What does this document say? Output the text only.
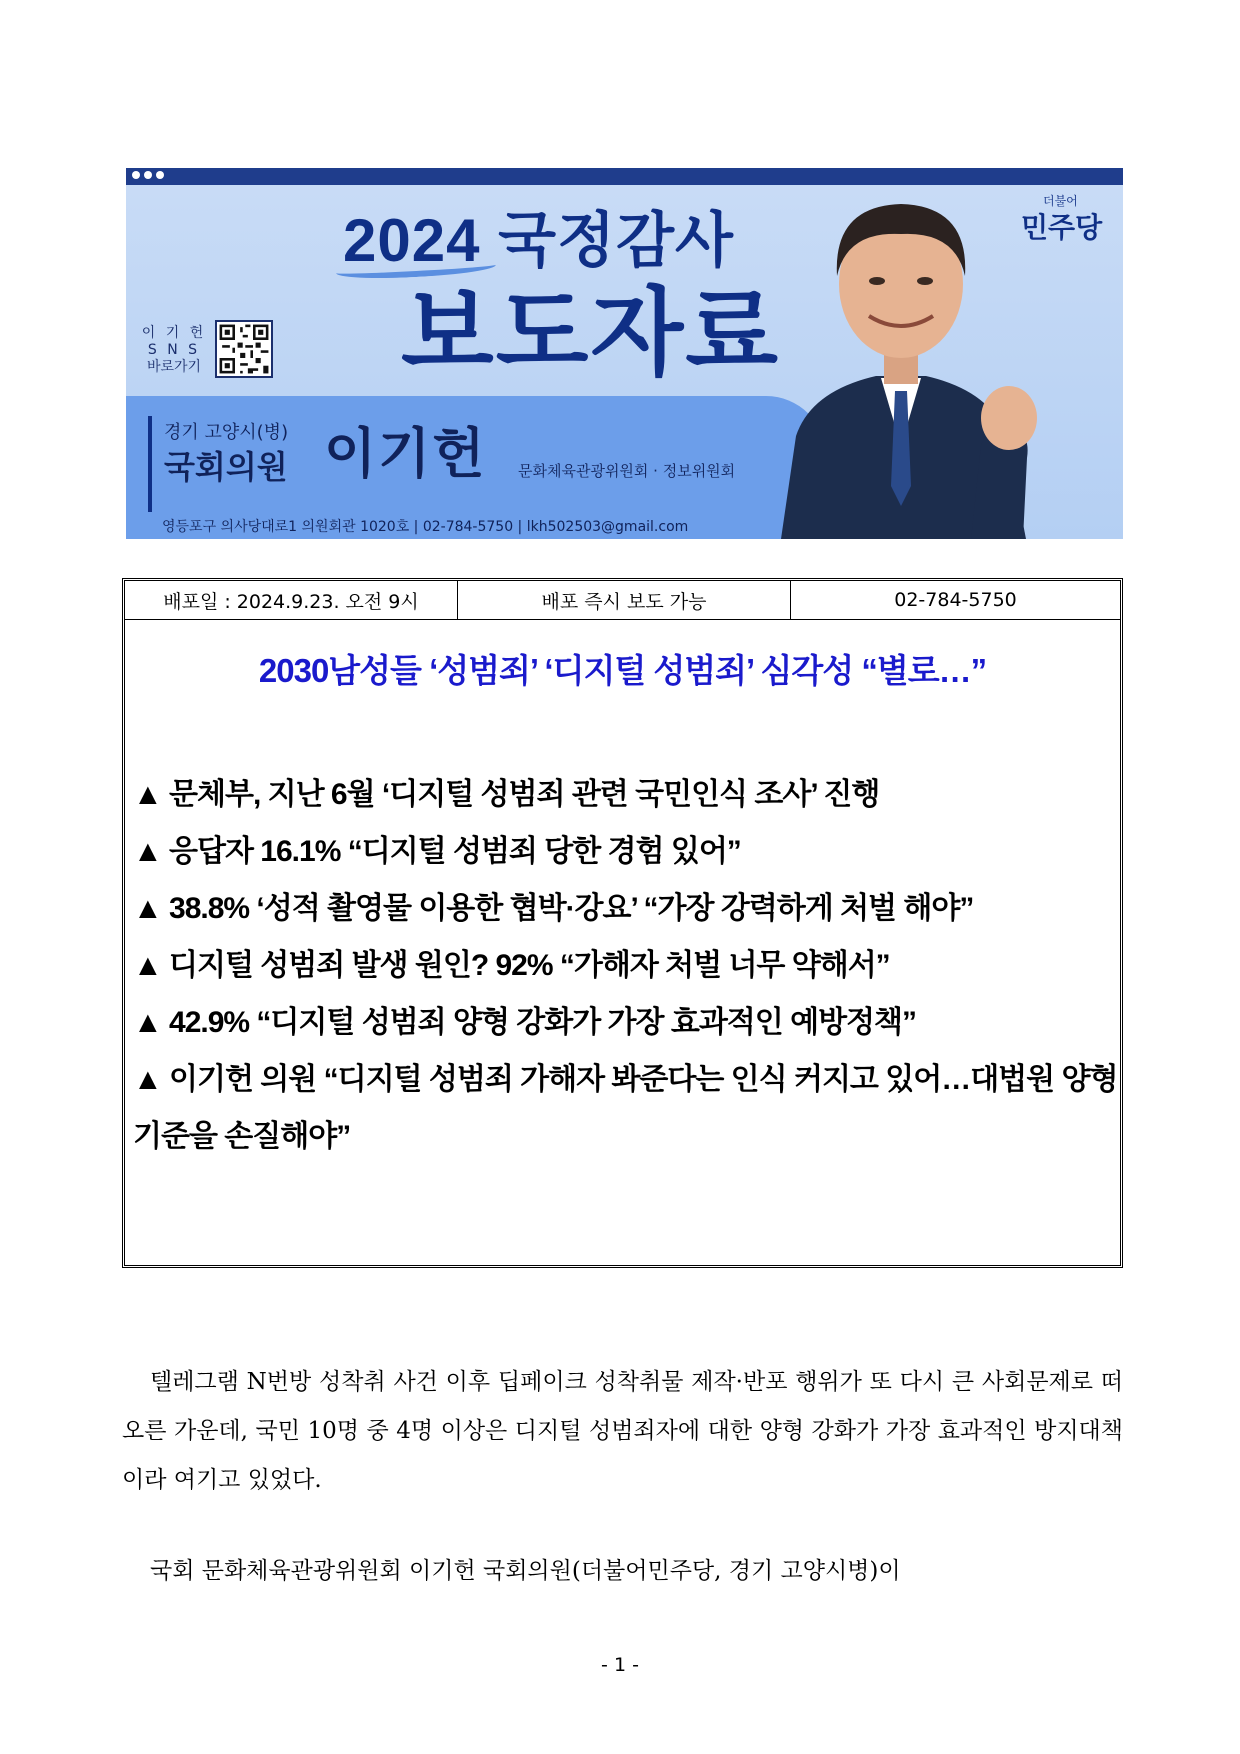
2024 국정감사
보도자료
이 기 헌
S N S
바로가기
경기 고양시(병)
국회의원 이기헌 문화체육관광위원회 · 정보위원회
영등포구 의사당대로1 의원회관 1020호 | 02-784-5750 | lkh502503@gmail.com
더불어
민주당
배포일 : 2024.9.23. 오전 9시	배포 즉시 보도 가능	02-784-5750
2030남성들 ‘성범죄’ ‘디지털 성범죄’ 심각성 “별로…”
▲ 문체부, 지난 6월 ‘디지털 성범죄 관련 국민인식 조사’ 진행
▲ 응답자 16.1% “디지털 성범죄 당한 경험 있어”
▲ 38.8% ‘성적 촬영물 이용한 협박·강요’ “가장 강력하게 처벌 해야”
▲ 디지털 성범죄 발생 원인? 92% “가해자 처벌 너무 약해서”
▲ 42.9% “디지털 성범죄 양형 강화가 가장 효과적인 예방정책”
▲ 이기헌 의원 “디지털 성범죄 가해자 봐준다는 인식 커지고 있어…대법원 양형기준을 손질해야”

텔레그램 N번방 성착취 사건 이후 딥페이크 성착취물 제작·반포 행위가 또 다시 큰 사회문제로 떠오른 가운데, 국민 10명 중 4명 이상은 디지털 성범죄자에 대한 양형 강화가 가장 효과적인 방지대책이라 여기고 있었다.

국회 문화체육관광위원회 이기헌 국회의원(더불어민주당, 경기 고양시병)이

- 1 -
